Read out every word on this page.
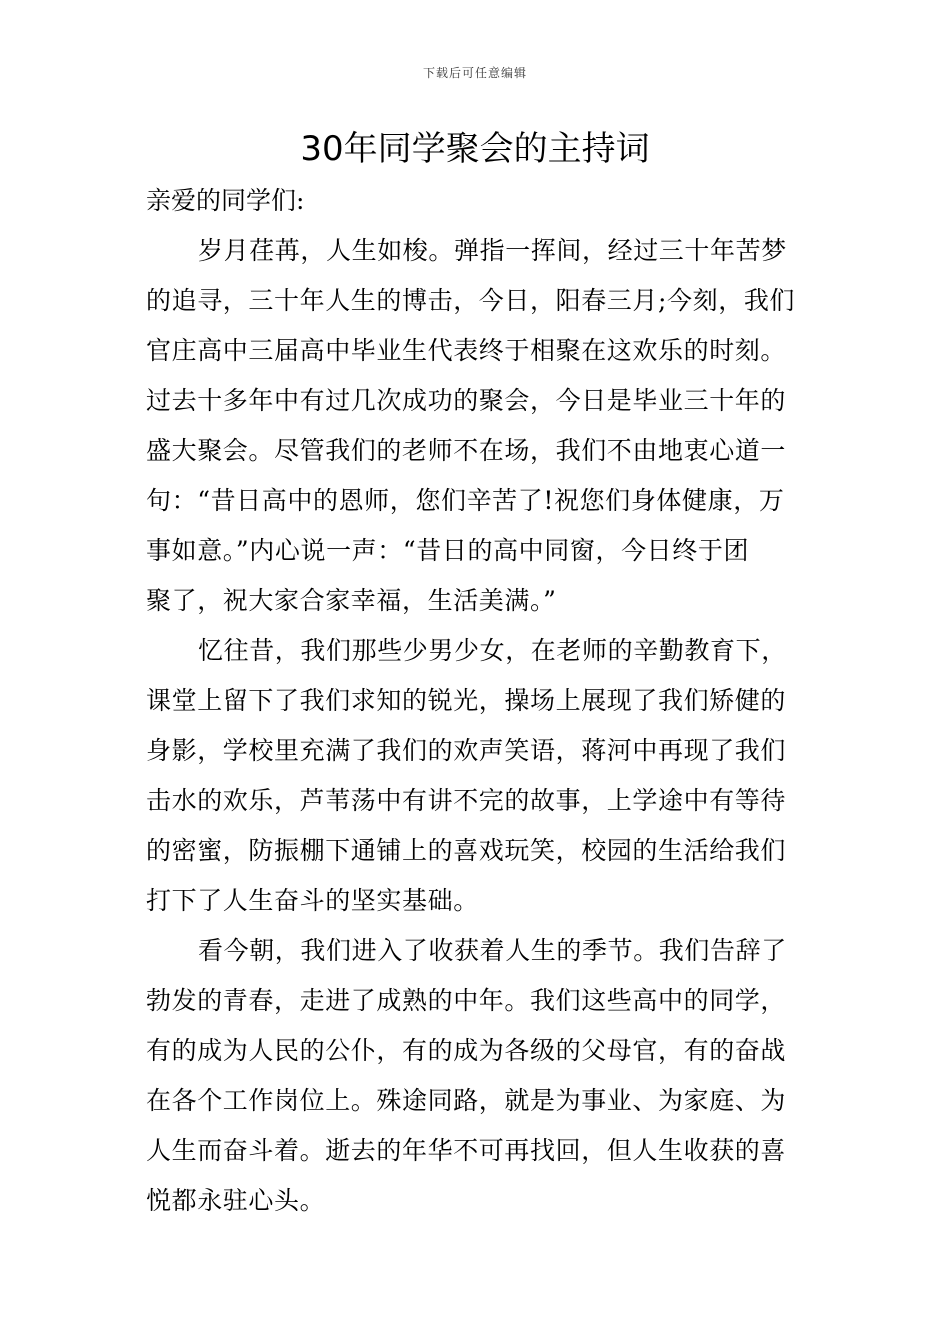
下载后可任意编辑
30年同学聚会的主持词

亲爱的同学们:

岁月荏苒，人生如梭。弹指一挥间，经过三十年苦梦
的追寻，三十年人生的博击，今日，阳春三月;今刻，我们
官庄高中三届高中毕业生代表终于相聚在这欢乐的时刻。
过去十多年中有过几次成功的聚会，今日是毕业三十年的
盛大聚会。尽管我们的老师不在场，我们不由地衷心道一
句：“昔日高中的恩师，您们辛苦了!祝您们身体健康，万
事如意。”内心说一声：“昔日的高中同窗，今日终于团
聚了，祝大家合家幸福，生活美满。”
忆往昔，我们那些少男少女，在老师的辛勤教育下，
课堂上留下了我们求知的锐光，操场上展现了我们矫健的
身影，学校里充满了我们的欢声笑语，蒋河中再现了我们
击水的欢乐，芦苇荡中有讲不完的故事，上学途中有等待
的密蜜，防振棚下通铺上的喜戏玩笑，校园的生活给我们
打下了人生奋斗的坚实基础。
看今朝，我们进入了收获着人生的季节。我们告辞了
勃发的青春，走进了成熟的中年。我们这些高中的同学，
有的成为人民的公仆，有的成为各级的父母官，有的奋战
在各个工作岗位上。殊途同路，就是为事业、为家庭、为
人生而奋斗着。逝去的年华不可再找回，但人生收获的喜
悦都永驻心头。
